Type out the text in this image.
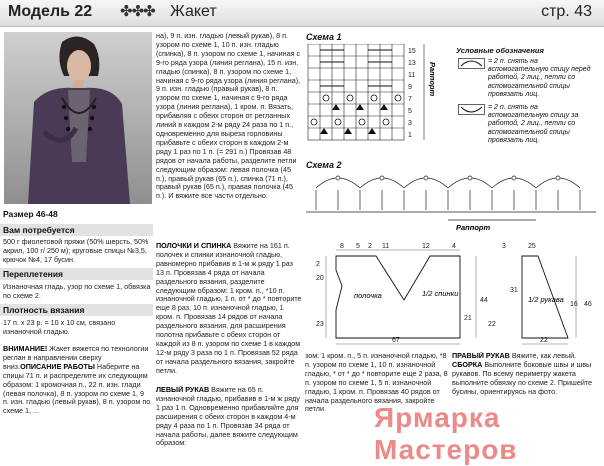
Модель 22 ✤✤✤ Жакет	стр. 43
Размер 46-48
Вам потребуется

500 г фиолетовой пряжи (50% шерсть, 50% акрил, 100 г/ 250 м); круговые спицы №3,5, крючок №4, 17 бусин.

Переплетения

Изнаночная гладь, узор по схеме 1, обвязка по схеме 2.

Плотность вязания

17 п. x 23 р. = 10 x 10 см, связано изнаночной гладью.

ВНИМАНИЕ! Жакет вяжется по технологии реглан в направлении сверху вниз.ОПИСАНИЕ РАБОТЫ Наберите на спицы 71 п. и распределите их следующим образом: 1 кромочная п., 22 п. изн. глади (левая полочка), 8 п. узором по схеме 1, 9 п. изн. гладью (левый рукав), 8 п. узором по схеме 1, ...

на), 9 п. изн. гладью (левый рукав), 8 п. узором по схеме 1, 10 п. изн. гладью (спинка), 8 п. узором по схеме 1, начиная с 9-го ряда узора (линия реглана), 15 п. изн. гладью (спинка), 8 п. узором по схеме 1, начиная с 9-го ряда узора (линия реглана), 9 п. изн. гладью (правый рукав), 8 п. узором по схеме 1, начиная с 9-го ряда узора (линия реглана), 1 кром. п. Вязать, прибавляя с обеих сторон от регланных линий в каждом 2-м ряду 24 раза по 1 п., одновременно для выреза горловины прибавьте с обеих сторон в каждом 2-м ряду 1 раз по 1 п. (= 291 п.) Провязав 48 рядов от начала работы, разделите петли следующим образом: левая полочка (45 п.), правый рукав (65 п.), спинка (71 п.), правый рукав (65 п.), правая полочка (45 п.). И вяжите все части отдельно.

ПОЛОЧКИ И СПИНКА Вяжите на 161 п. полочек и спинки изнаночной гладью, равномерно прибавив в 1-м ж ряду 1 раз 13 п. Провязав 4 ряда от начала раздельного вязания, разделите следующим образом: 1 кром. п., *10 п. изнаночной гладью, 1 п. от * до * повторите еще 8 раз, 10 п. изнаночной гладью, 1 кром. п. Провязав 14 рядов от начала раздельного вязания, для расширения полотна прибавьте с обеих сторон от каждой из 8 п. узором по схеме 1 в каждом 12-м ряду 3 раза по 1 п. Провязав 52 ряда от начала раздельного вязания, закройте петли.

ЛЕВЫЙ РУКАВ Вяжите на 65 п. изнаночной гладью, прибавив в 1-м ж ряду 1 раз 1 п. Одновременно прибавляйте для расширения с обеих сторон в каждом 4-м ряду 4 раза по 1 п. Провязав 34 ряда от начала работы, далее вяжите следующим образом:

зом: 1 кром. п., 5 п. изнаночной гладью, *8 п. узором по схеме 1, 10 п. изнаночной гладью, * от * до * повторите еще 2 раза, 8 п. узором по схеме 1, 5 п. изнаночной гладью, 1 кром. п. Провязав 40 рядов от начала раздельного вязания, закройте петли.

ПРАВЫЙ РУКАВ Вяжите, как левый.
СБОРКА Выполните боковые швы и швы рукавов. По всему периметру жакета выполните обвязку по схеме 2. Пришейте бусины, ориентируясь на фото.

Схема 1
Схема 2
15
13
11
9
7
5
3
1
Раппорт
Условные обозначения

= 2 п. снять на вспомогательную спицу перед работой, 2 лиц., петли со вспомогательной спицы провязать лиц.

= 2 п. снять на вспомогательную спицу за работой, 2 лиц., петли со вспомогательной спицы провязать лиц.

Раппорт
8 5 2 11	12	4
23
20
2
21
44
67
3	25
31
16 46
22
22
полочка	1/2 спинки
1/2 рукава
Ярмарка Мастеров
